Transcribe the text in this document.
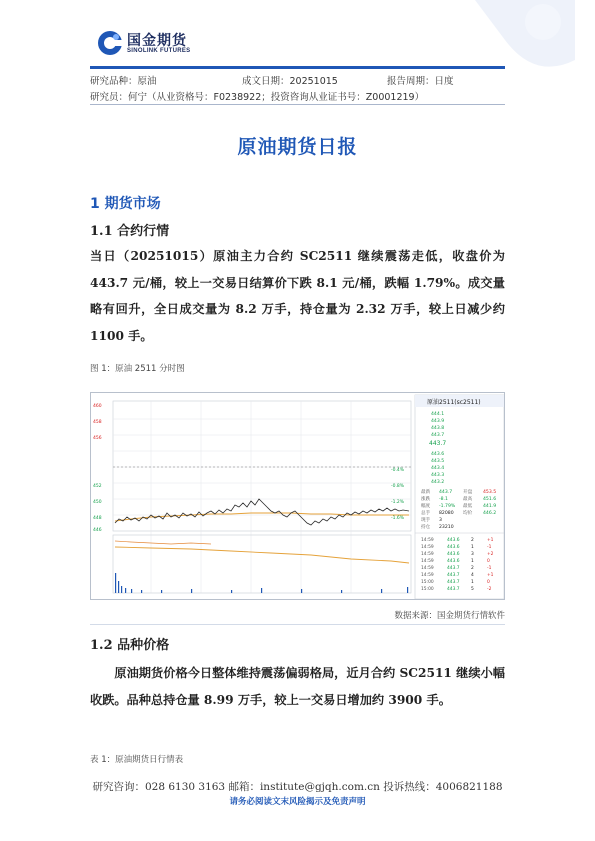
国金期货
SINOLINK FUTURES
研究品种：原油	成文日期：20251015	报告周期：日度
研究员：何宁（从业资格号：F0238922；投资咨询从业证书号：Z0001219）
原油期货日报
1 期货市场
1.1 合约行情
当日（20251015）原油主力合约 SC2511 继续震荡走低，收盘价为 443.7 元/桶，较上一交易日结算价下跌 8.1 元/桶，跌幅 1.79%。成交量略有回升，全日成交量为 8.2 万手，持仓量为 2.32 万手，较上日减少约 1100 手。
图 1：原油 2511 分时图
460
458
456
452
450
448
446
-0.4%
-0.8%
-1.2%
-1.6%
原油2511(sc2511)
444.1
443.9
443.8
443.7
443.7
443.6
443.5
443.4
443.3
443.2
最新
涨跌
幅度
总手
现手
持仓
443.7
-8.1
-1.79%
82080
3
23210
开盘
最高
最低
均价
453.5
451.6
441.9
446.2
14:59
14:59
14:59
14:59
14:59
14:59
15:00
15:00
443.6
443.6
443.6
443.6
443.7
443.7
443.7
443.7
2
1
3
1
2
4
1
5
+1
-1
+2
0
-1
+1
0
-2
数据来源：国金期货行情软件
1.2 品种价格
原油期货价格今日整体维持震荡偏弱格局，近月合约 SC2511 继续小幅收跌。品种总持仓量 8.99 万手，较上一交易日增加约 3900 手。
表 1：原油期货日行情表
研究咨询：028 6130 3163 邮箱：institute@gjqh.com.cn 投诉热线：4006821188
请务必阅读文末风险揭示及免责声明
